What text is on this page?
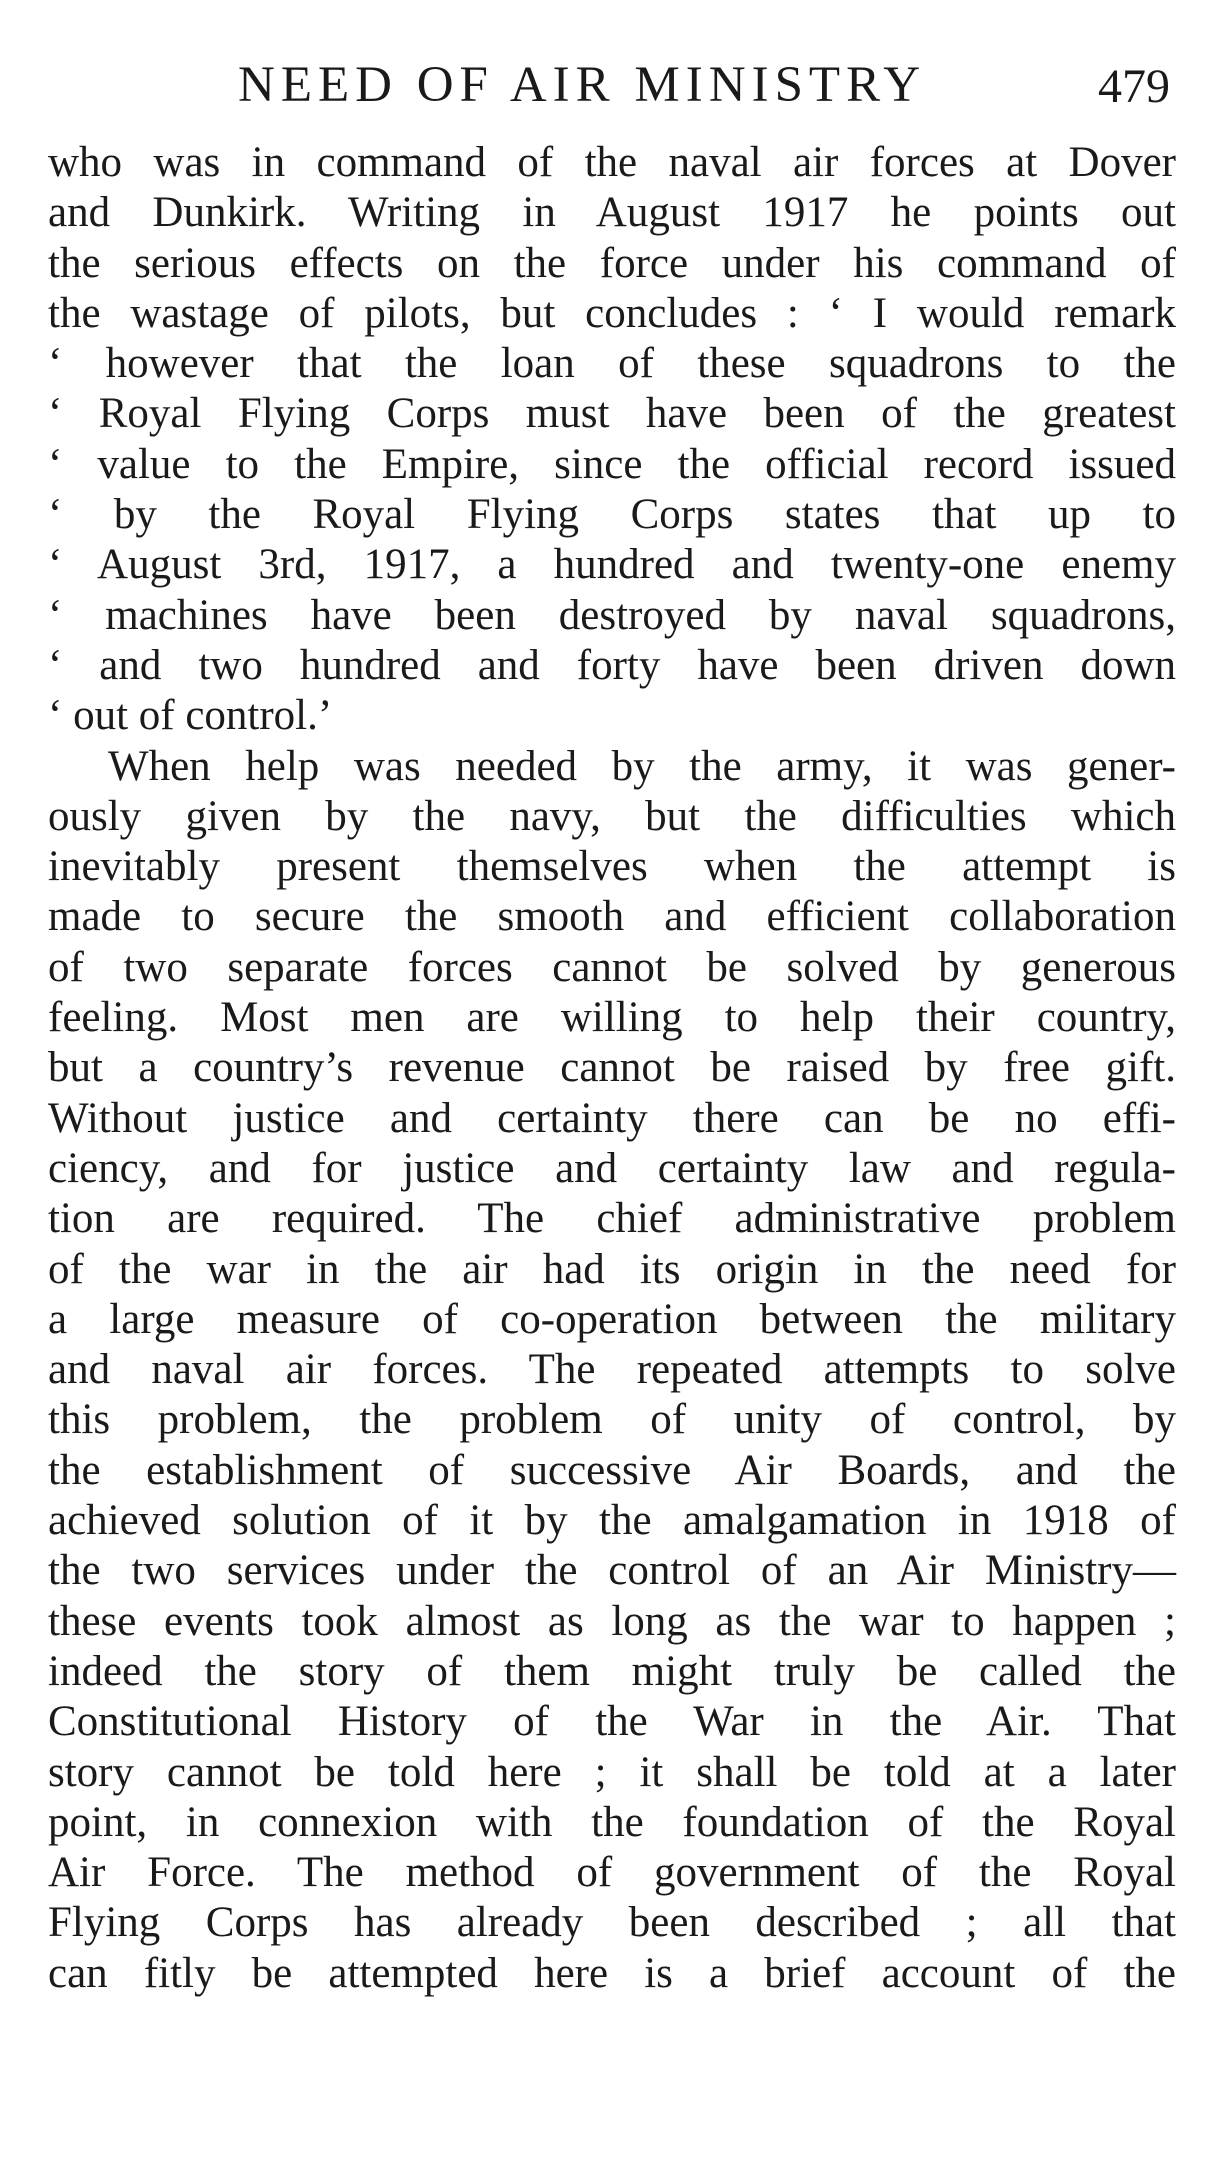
NEED OF AIR MINISTRY	479
who was in command of the naval air forces at Dover
and Dunkirk. Writing in August 1917 he points out
the serious effects on the force under his command of
the wastage of pilots, but concludes : ‘ I would remark
‘ however that the loan of these squadrons to the
‘ Royal Flying Corps must have been of the greatest
‘ value to the Empire, since the official record issued
‘ by the Royal Flying Corps states that up to
‘ August 3rd, 1917, a hundred and twenty-one enemy
‘ machines have been destroyed by naval squadrons,
‘ and two hundred and forty have been driven down
‘ out of control.’
When help was needed by the army, it was gener-
ously given by the navy, but the difficulties which
inevitably present themselves when the attempt is
made to secure the smooth and efficient collaboration
of two separate forces cannot be solved by generous
feeling. Most men are willing to help their country,
but a country’s revenue cannot be raised by free gift.
Without justice and certainty there can be no effi-
ciency, and for justice and certainty law and regula-
tion are required. The chief administrative problem
of the war in the air had its origin in the need for
a large measure of co-operation between the military
and naval air forces. The repeated attempts to solve
this problem, the problem of unity of control, by
the establishment of successive Air Boards, and the
achieved solution of it by the amalgamation in 1918 of
the two services under the control of an Air Ministry—
these events took almost as long as the war to happen ;
indeed the story of them might truly be called the
Constitutional History of the War in the Air. That
story cannot be told here ; it shall be told at a later
point, in connexion with the foundation of the Royal
Air Force. The method of government of the Royal
Flying Corps has already been described ; all that
can fitly be attempted here is a brief account of the
